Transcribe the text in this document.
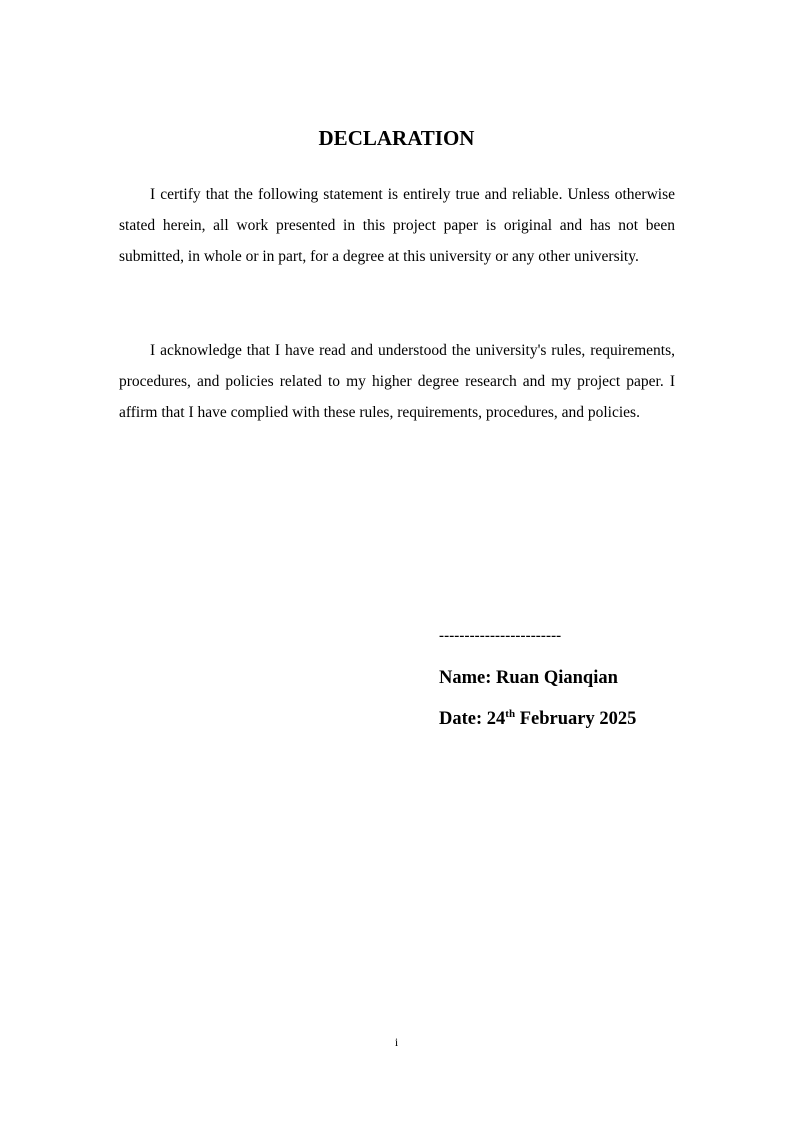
DECLARATION

I certify that the following statement is entirely true and reliable. Unless otherwise stated herein, all work presented in this project paper is original and has not been submitted, in whole or in part, for a degree at this university or any other university.

I acknowledge that I have read and understood the university's rules, requirements, procedures, and policies related to my higher degree research and my project paper. I affirm that I have complied with these rules, requirements, procedures, and policies.

------------------------

Name: Ruan Qianqian

Date: 24th February 2025

i
